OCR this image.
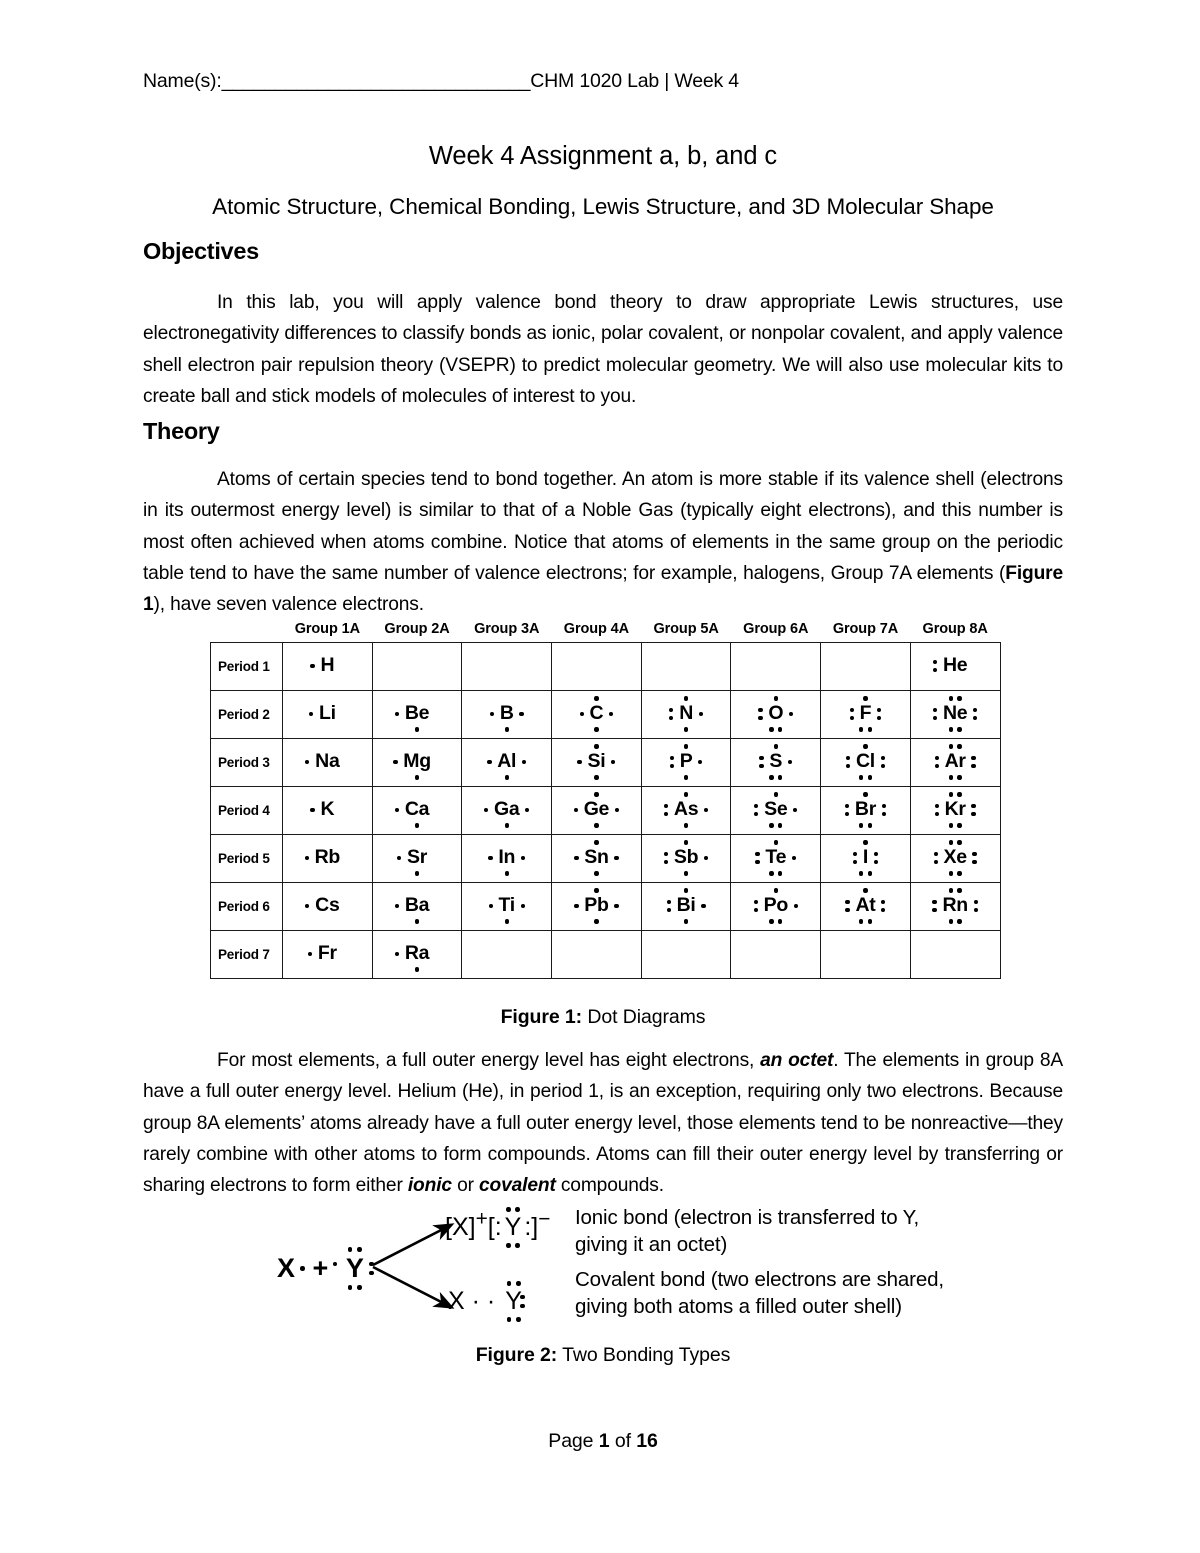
Name(s):_____________________________CHM 1020 Lab | Week 4
Week 4 Assignment a, b, and c
Atomic Structure, Chemical Bonding, Lewis Structure, and 3D Molecular Shape
Objectives
In this lab, you will apply valence bond theory to draw appropriate Lewis structures, use electronegativity differences to classify bonds as ionic, polar covalent, or nonpolar covalent, and apply valence shell electron pair repulsion theory (VSEPR) to predict molecular geometry. We will also use molecular kits to create ball and stick models of molecules of interest to you.
Theory
Atoms of certain species tend to bond together. An atom is more stable if its valence shell (electrons in its outermost energy level) is similar to that of a Noble Gas (typically eight electrons), and this number is most often achieved when atoms combine. Notice that atoms of elements in the same group on the periodic table tend to have the same number of valence electrons; for example, halogens, Group 7A elements (Figure 1), have seven valence electrons.
	Group 1A	Group 2A	Group 3A	Group 4A	Group 5A	Group 6A	Group 7A	Group 8A
Period 1	H							He

Period 2	Li	Be	B	C	N	O	F	Ne

Period 3	Na	Mg	Al	Si	P	S	Cl	Ar

Period 4	K	Ca	Ga	Ge	As	Se	Br	Kr

Period 5	Rb	Sr	In	Sn	Sb	Te	I	Xe

Period 6	Cs	Ba	Ti	Pb	Bi	Po	At	Rn

Period 7	Fr	Ra

Figure 1: Dot Diagrams
For most elements, a full outer energy level has eight electrons, an octet. The elements in group 8A have a full outer energy level. Helium (He), in period 1, is an exception, requiring only two electrons. Because group 8A elements’ atoms already have a full outer energy level, those elements tend to be nonreactive—they rarely combine with other atoms to form compounds. Atoms can fill their outer energy level by transferring or sharing electrons to form either ionic or covalent compounds.
X + Y
[X]+[: Y :]−
X · · Y
Ionic bond (electron is transferred to Y, giving it an octet)
Covalent bond (two electrons are shared, giving both atoms a filled outer shell)
Figure 2: Two Bonding Types
Page 1 of 16
